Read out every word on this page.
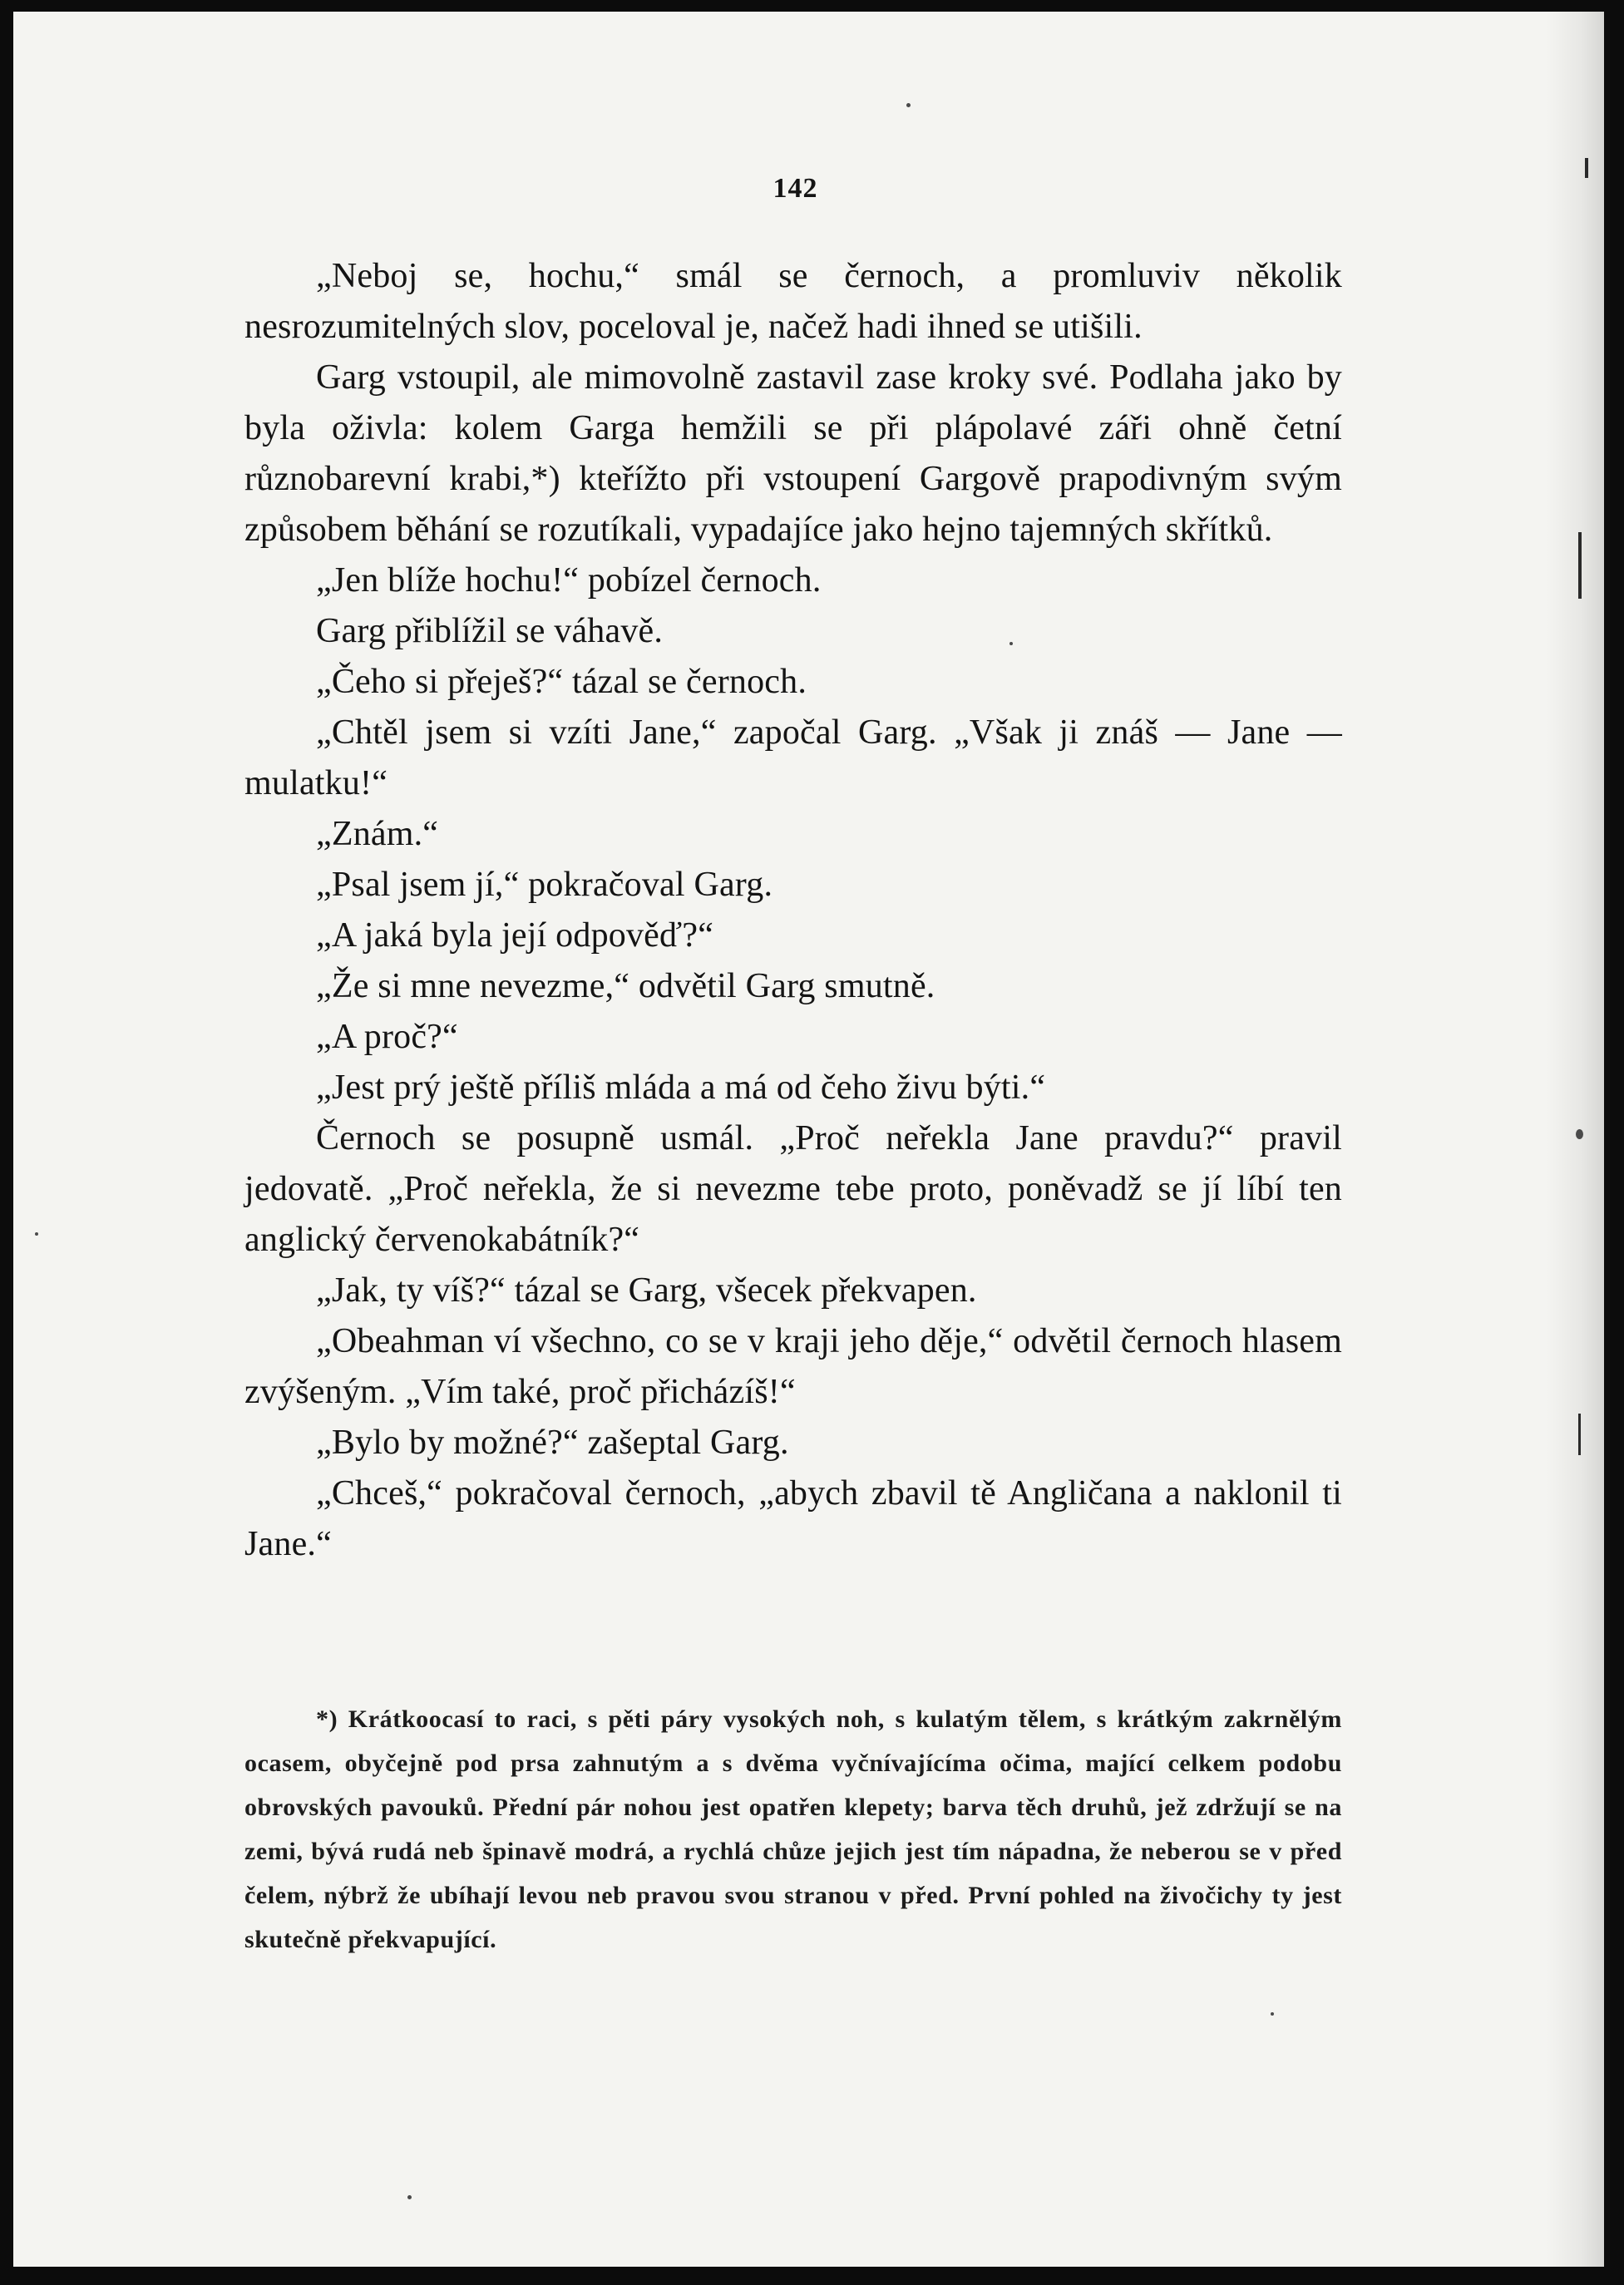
142

„Neboj se, hochu,“ smál se černoch, a promluviv několik nesrozumitelných slov, poceloval je, načež hadi ihned se utišili.

Garg vstoupil, ale mimovolně zastavil zase kroky své. Podlaha jako by byla oživla: kolem Garga hemžili se při plápolavé záři ohně četní různobarevní krabi,*) kteřížto při vstoupení Gargově prapodivným svým způsobem běhání se rozutíkali, vypadajíce jako hejno tajemných skřítků.

„Jen blíže hochu!“ pobízel černoch.

Garg přiblížil se váhavě.

„Čeho si přeješ?“ tázal se černoch.

„Chtěl jsem si vzíti Jane,“ započal Garg. „Však ji znáš — Jane — mulatku!“

„Znám.“

„Psal jsem jí,“ pokračoval Garg.

„A jaká byla její odpověď?“

„Že si mne nevezme,“ odvětil Garg smutně.

„A proč?“

„Jest prý ještě příliš mláda a má od čeho živu býti.“

Černoch se posupně usmál. „Proč neřekla Jane pravdu?“ pravil jedovatě. „Proč neřekla, že si nevezme tebe proto, poněvadž se jí líbí ten anglický červenokabátník?“

„Jak, ty víš?“ tázal se Garg, všecek překvapen.

„Obeahman ví všechno, co se v kraji jeho děje,“ odvětil černoch hlasem zvýšeným. „Vím také, proč přicházíš!“

„Bylo by možné?“ zašeptal Garg.

„Chceš,“ pokračoval černoch, „abych zbavil tě Angličana a naklonil ti Jane.“

*) Krátkoocasí to raci, s pěti páry vysokých noh, s kulatým tělem, s krátkým zakrnělým ocasem, obyčejně pod prsa zahnutým a s dvěma vyčnívajícíma očima, mající celkem podobu obrovských pavouků. Přední pár nohou jest opatřen klepety; barva těch druhů, jež zdržují se na zemi, bývá rudá neb špinavě modrá, a rychlá chůze jejich jest tím nápadna, že neberou se v před čelem, nýbrž že ubíhají levou neb pravou svou stranou v před. První pohled na živočichy ty jest skutečně překvapující.
